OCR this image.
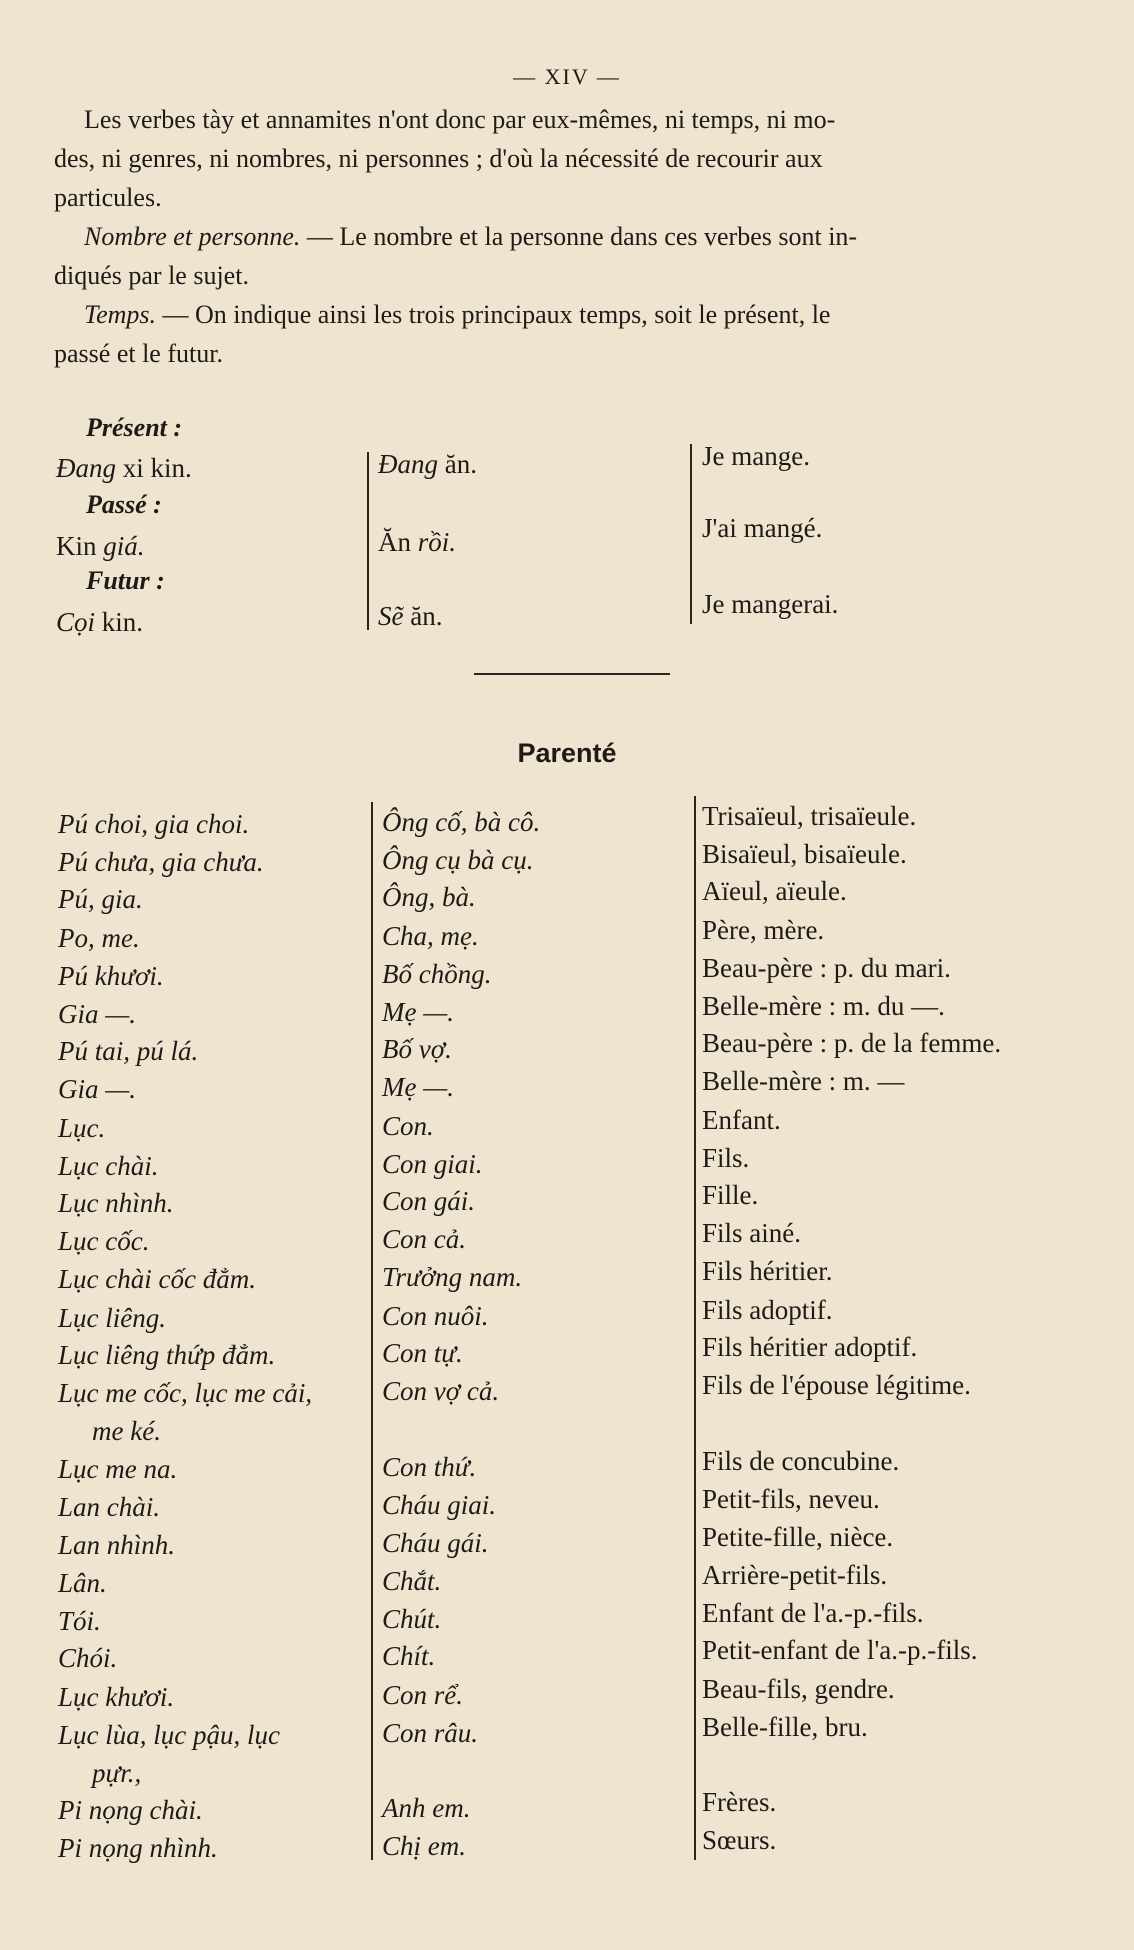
— XIV —
Les verbes tày et annamites n'ont donc par eux-mêmes, ni temps, ni mo-
des, ni genres, ni nombres, ni personnes ; d'où la nécessité de recourir aux
particules.
Nombre et personne. — Le nombre et la personne dans ces verbes sont in-
diqués par le sujet.
Temps. — On indique ainsi les trois principaux temps, soit le présent, le
passé et le futur.
Présent :
Passé :
Futur :
Đang xi kin.	Đang ăn.	Je mange.
Kin giá.	Ăn rồi.	J'ai mangé.
Cọi kin.	Sẽ ăn.	Je mangerai.
Parenté
Pú choi, gia choi.	Ông cố, bà cô.	Trisaïeul, trisaïeule.
Pú chưa, gia chưa.	Ông cụ bà cụ.	Bisaïeul, bisaïeule.
Pú, gia.	Ông, bà.	Aïeul, aïeule.
Po, me.	Cha, mẹ.	Père, mère.
Pú khươi.	Bố chồng.	Beau-père : p. du mari.
Gia —.	Mẹ —.	Belle-mère : m. du —.
Pú tai, pú lá.	Bố vợ.	Beau-père : p. de la femme.
Gia —.	Mẹ —.	Belle-mère : m. —
Lục.	Con.	Enfant.
Lục chài.	Con giai.	Fils.
Lục nhình.	Con gái.	Fille.
Lục cốc.	Con cả.	Fils ainé.
Lục chài cốc đẳm.	Trưởng nam.	Fils héritier.
Lục liêng.	Con nuôi.	Fils adoptif.
Lục liêng thứp đẳm.	Con tự.	Fils héritier adoptif.
Lục me cốc, lục me cải,	Con vợ cả.	Fils de l'épouse légitime.
me ké.
Lục me na.	Con thứ.	Fils de concubine.
Lan chài.	Cháu giai.	Petit-fils, neveu.
Lan nhình.	Cháu gái.	Petite-fille, nièce.
Lân.	Chắt.	Arrière-petit-fils.
Tói.	Chút.	Enfant de l'a.-p.-fils.
Chói.	Chít.	Petit-enfant de l'a.-p.-fils.
Lục khươi.	Con rể.	Beau-fils, gendre.
Lục lùa, lục pậu, lục	Con râu.	Belle-fille, bru.
pựr.,
Pi nọng chài.	Anh em.	Frères.
Pi nọng nhình.	Chị em.	Sœurs.
